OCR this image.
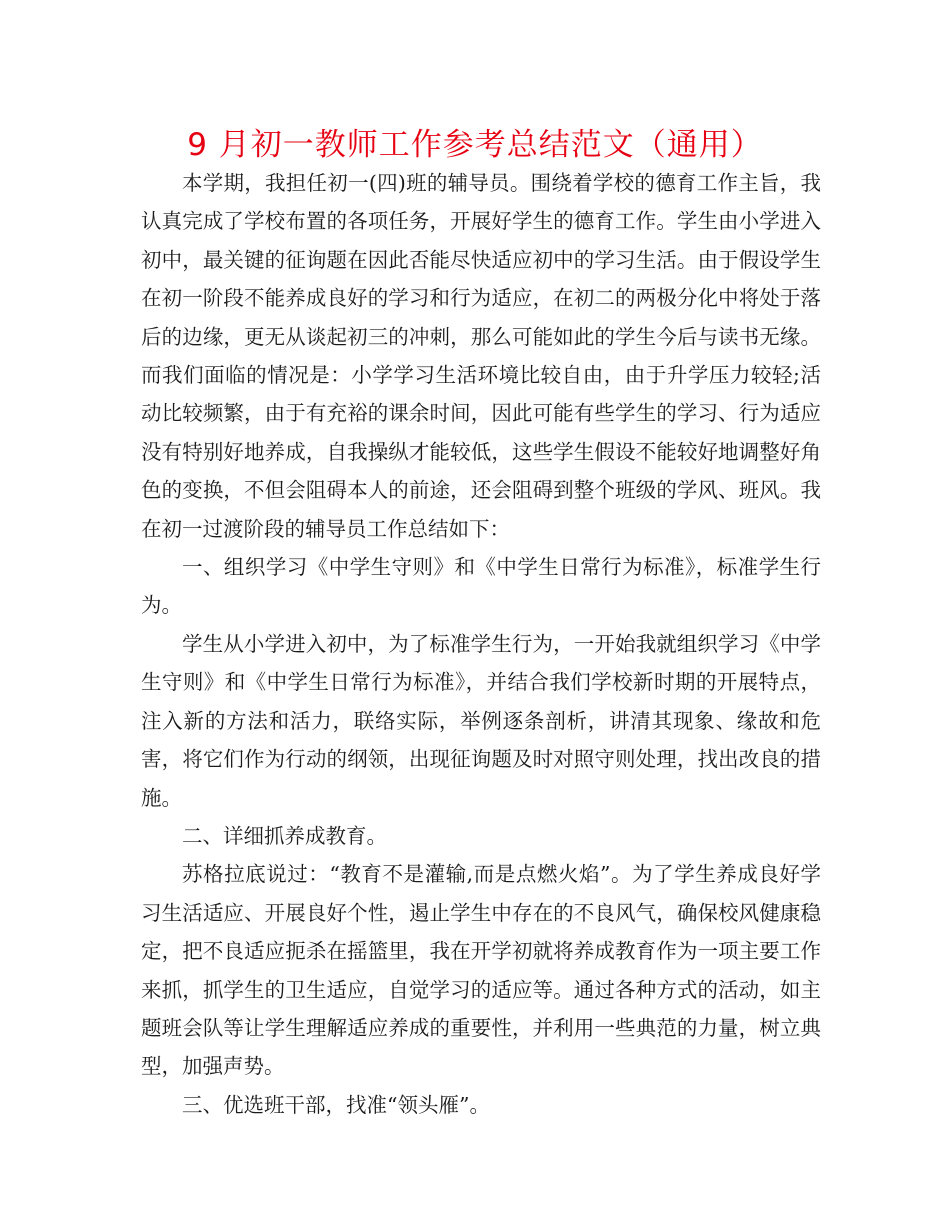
9 月初一教师工作参考总结范文（通用）

本学期，我担任初一(四)班的辅导员。围绕着学校的德育工作主旨，我认真完成了学校布置的各项任务，开展好学生的德育工作。学生由小学进入初中，最关键的征询题在因此否能尽快适应初中的学习生活。由于假设学生在初一阶段不能养成良好的学习和行为适应，在初二的两极分化中将处于落后的边缘，更无从谈起初三的冲刺，那么可能如此的学生今后与读书无缘。而我们面临的情况是：小学学习生活环境比较自由，由于升学压力较轻;活动比较频繁，由于有充裕的课余时间，因此可能有些学生的学习、行为适应没有特别好地养成，自我操纵才能较低，这些学生假设不能较好地调整好角色的变换，不但会阻碍本人的前途，还会阻碍到整个班级的学风、班风。我在初一过渡阶段的辅导员工作总结如下：

一、组织学习《中学生守则》和《中学生日常行为标准》，标准学生行为。

学生从小学进入初中，为了标准学生行为，一开始我就组织学习《中学生守则》和《中学生日常行为标准》，并结合我们学校新时期的开展特点，注入新的方法和活力，联络实际，举例逐条剖析，讲清其现象、缘故和危害，将它们作为行动的纲领，出现征询题及时对照守则处理，找出改良的措施。

二、详细抓养成教育。

苏格拉底说过：“教育不是灌输,而是点燃火焰”。为了学生养成良好学习生活适应、开展良好个性，遏止学生中存在的不良风气，确保校风健康稳定，把不良适应扼杀在摇篮里，我在开学初就将养成教育作为一项主要工作来抓，抓学生的卫生适应，自觉学习的适应等。通过各种方式的活动，如主题班会队等让学生理解适应养成的重要性，并利用一些典范的力量，树立典型，加强声势。

三、优选班干部，找准“领头雁”。
